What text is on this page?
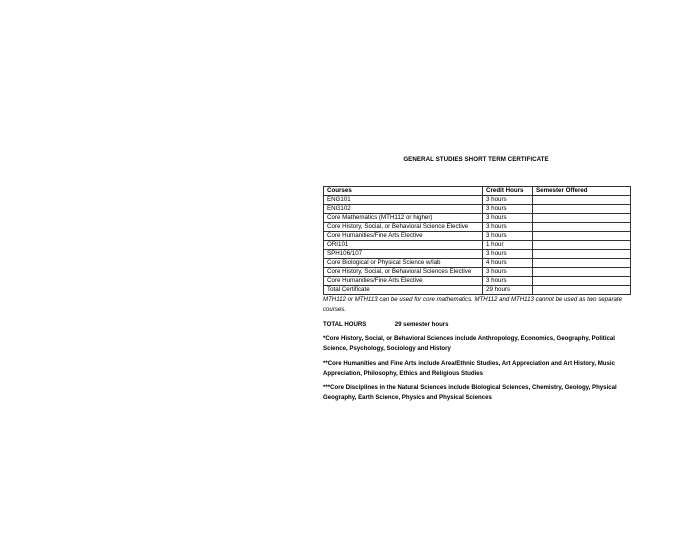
GENERAL STUDIES SHORT TERM CERTIFICATE
Courses	Credit Hours	Semester Offered
ENG101	3 hours	
ENG102	3 hours	
Core Mathematics (MTH112 or higher)	3 hours	
Core History, Social, or Behavioral Science Elective	3 hours	
Core Humanities/Fine Arts Elective	3 hours	
ORI101	1 hour	
SPH106/107	3 hours	
Core Biological or Physical Science w/lab	4 hours	
Core History, Social, or Behavioral Sciences Elective	3 hours	
Core Humanities/Fine Arts Elective	3 hours	
Total Certificate	29 hours	
MTH112 or MTH113 can be used for core mathematics. MTH112 and MTH113 cannot be used as two separate courses.
TOTAL HOURS	29 semester hours
*Core History, Social, or Behavioral Sciences include Anthropology, Economics, Geography, Political Science, Psychology, Sociology and History
**Core Humanities and Fine Arts include Area/Ethnic Studies, Art Appreciation and Art History, Music Appreciation, Philosophy, Ethics and Religious Studies
***Core Disciplines in the Natural Sciences include Biological Sciences, Chemistry, Geology, Physical Geography, Earth Science, Physics and Physical Sciences
